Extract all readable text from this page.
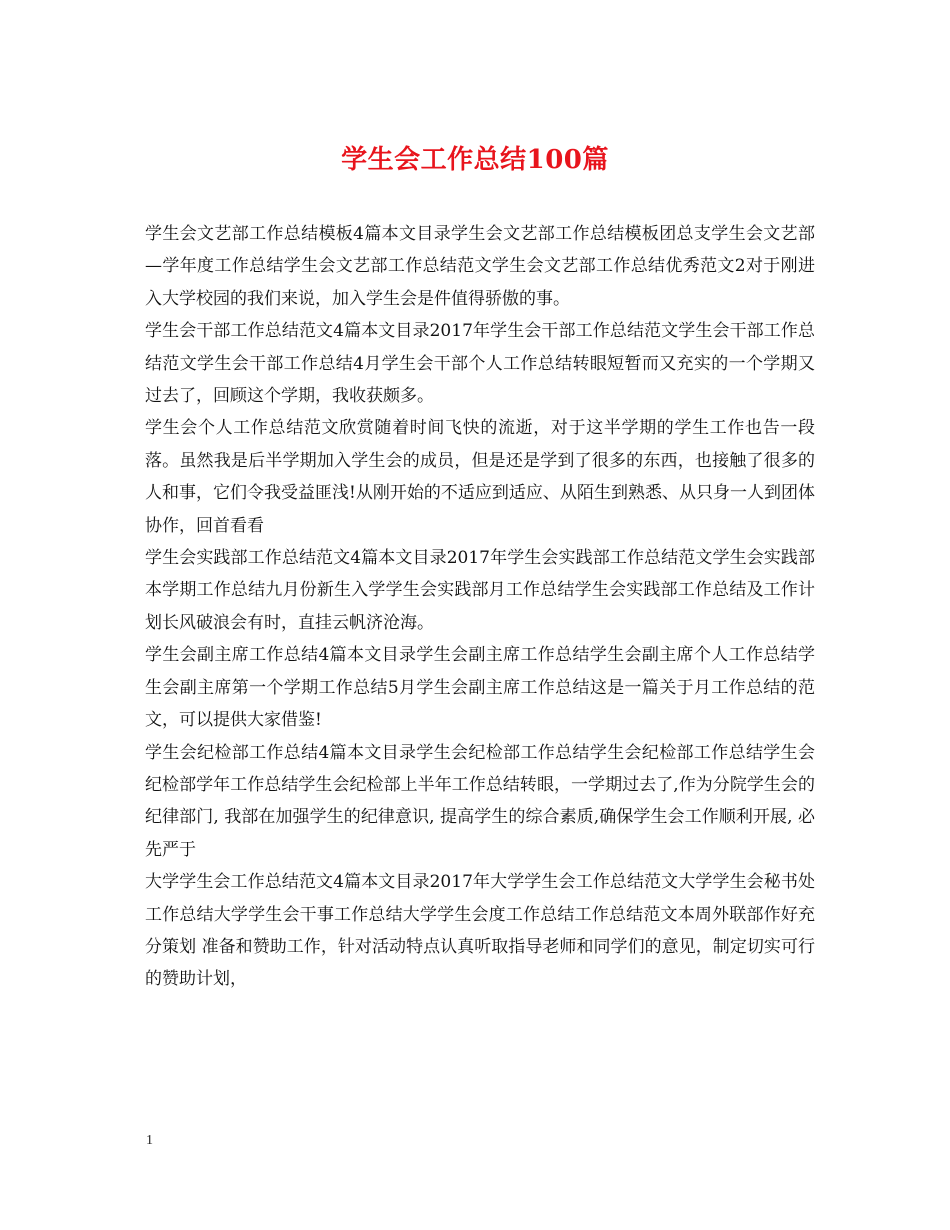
学生会工作总结100篇

学生会文艺部工作总结模板4篇本文目录学生会文艺部工作总结模板团总支学生会文艺部—学年度工作总结学生会文艺部工作总结范文学生会文艺部工作总结优秀范文2对于刚进入大学校园的我们来说，加入学生会是件值得骄傲的事。

学生会干部工作总结范文4篇本文目录2017年学生会干部工作总结范文学生会干部工作总结范文学生会干部工作总结4月学生会干部个人工作总结转眼短暂而又充实的一个学期又过去了，回顾这个学期，我收获颇多。

学生会个人工作总结范文欣赏随着时间飞快的流逝，对于这半学期的学生工作也告一段落。虽然我是后半学期加入学生会的成员，但是还是学到了很多的东西，也接触了很多的人和事，它们令我受益匪浅!从刚开始的不适应到适应、从陌生到熟悉、从只身一人到团体协作，回首看看

学生会实践部工作总结范文4篇本文目录2017年学生会实践部工作总结范文学生会实践部本学期工作总结九月份新生入学学生会实践部月工作总结学生会实践部工作总结及工作计划长风破浪会有时，直挂云帆济沧海。

学生会副主席工作总结4篇本文目录学生会副主席工作总结学生会副主席个人工作总结学生会副主席第一个学期工作总结5月学生会副主席工作总结这是一篇关于月工作总结的范文，可以提供大家借鉴!

学生会纪检部工作总结4篇本文目录学生会纪检部工作总结学生会纪检部工作总结学生会纪检部学年工作总结学生会纪检部上半年工作总结转眼，一学期过去了,作为分院学生会的纪律部门, 我部在加强学生的纪律意识, 提高学生的综合素质,确保学生会工作顺利开展, 必先严于

大学学生会工作总结范文4篇本文目录2017年大学学生会工作总结范文大学学生会秘书处工作总结大学学生会干事工作总结大学学生会度工作总结工作总结范文本周外联部作好充分策划 准备和赞助工作，针对活动特点认真听取指导老师和同学们的意见，制定切实可行的赞助计划，

1
